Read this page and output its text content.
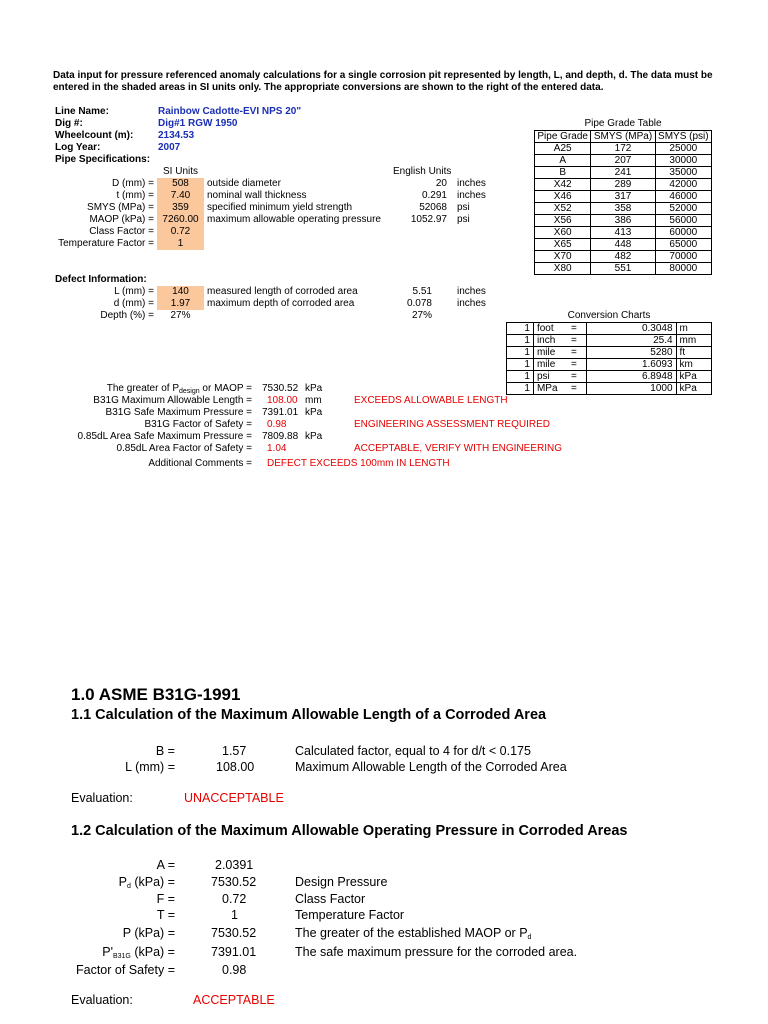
Data input for pressure referenced anomaly calculations for a single corrosion pit represented by length, L, and depth, d. The data must be
entered in the shaded areas in SI units only. The appropriate conversions are shown to the right of the entered data.
Line Name:	Rainbow Cadotte-EVI NPS 20"
Dig #:	Dig#1 RGW 1950
Wheelcount (m): 2134.53
Log Year:	2007
Pipe Specifications:
SI Units	English Units
D (mm) =	508	outside diameter	20 inches
t (mm) =	7.40	nominal wall thickness	0.291 inches
SMYS (MPa) =	359	specified minimum yield strength	52068 psi
MAOP (kPa) = 7260.00 maximum allowable operating pressure	1052.97 psi
Class Factor =	0.72
Temperature Factor =	1
Defect Information:
L (mm) =	140	measured length of corroded area	5.51	inches
d (mm) =	1.97	maximum depth of corroded area	0.078	inches
Depth (%) =	27%	27%
Pipe Grade Table
Pipe Grade	SMYS (MPa)	SMYS (psi)
A25	172	25000
A	207	30000
B	241	35000
X42	289	42000
X46	317	46000
X52	358	52000
X56	386	56000
X60	413	60000
X65	448	65000
X70	482	70000
X80	551	80000
Conversion Charts
1	foot	=	0.3048	m
1	inch	=	25.4	mm
1	mile	=	5280	ft
1	mile	=	1.6093	km
1	psi	=	6.8948	kPa
1	MPa	=	1000	kPa
The greater of $P_{design}$ or MAOP = 7530.52 kPa
B31G Maximum Allowable Length = 108.00 mm	EXCEEDS ALLOWABLE LENGTH
B31G Safe Maximum Pressure = 7391.01 kPa
B31G Factor of Safety = 0.98	ENGINEERING ASSESSMENT REQUIRED
0.85dL Area Safe Maximum Pressure = 7809.88 kPa
0.85dL Area Factor of Safety = 1.04	ACCEPTABLE, VERIFY WITH ENGINEERING
Additional Comments = DEFECT EXCEEDS 100mm IN LENGTH
1.0 ASME B31G-1991
1.1 Calculation of the Maximum Allowable Length of a Corroded Area
B =	1.57	Calculated factor, equal to 4 for d/t < 0.175
L (mm) =	108.00	Maximum Allowable Length of the Corroded Area
Evaluation:	UNACCEPTABLE
1.2 Calculation of the Maximum Allowable Operating Pressure in Corroded Areas
A =	2.0391
$P_d$ (kPa) =	7530.52	Design Pressure
F =	0.72	Class Factor
T =	1	Temperature Factor
P (kPa) =	7530.52	The greater of the established MAOP or $P_d$
$P'_{B31G}$ (kPa) =	7391.01	The safe maximum pressure for the corroded area.
Factor of Safety =	0.98
Evaluation:	ACCEPTABLE
